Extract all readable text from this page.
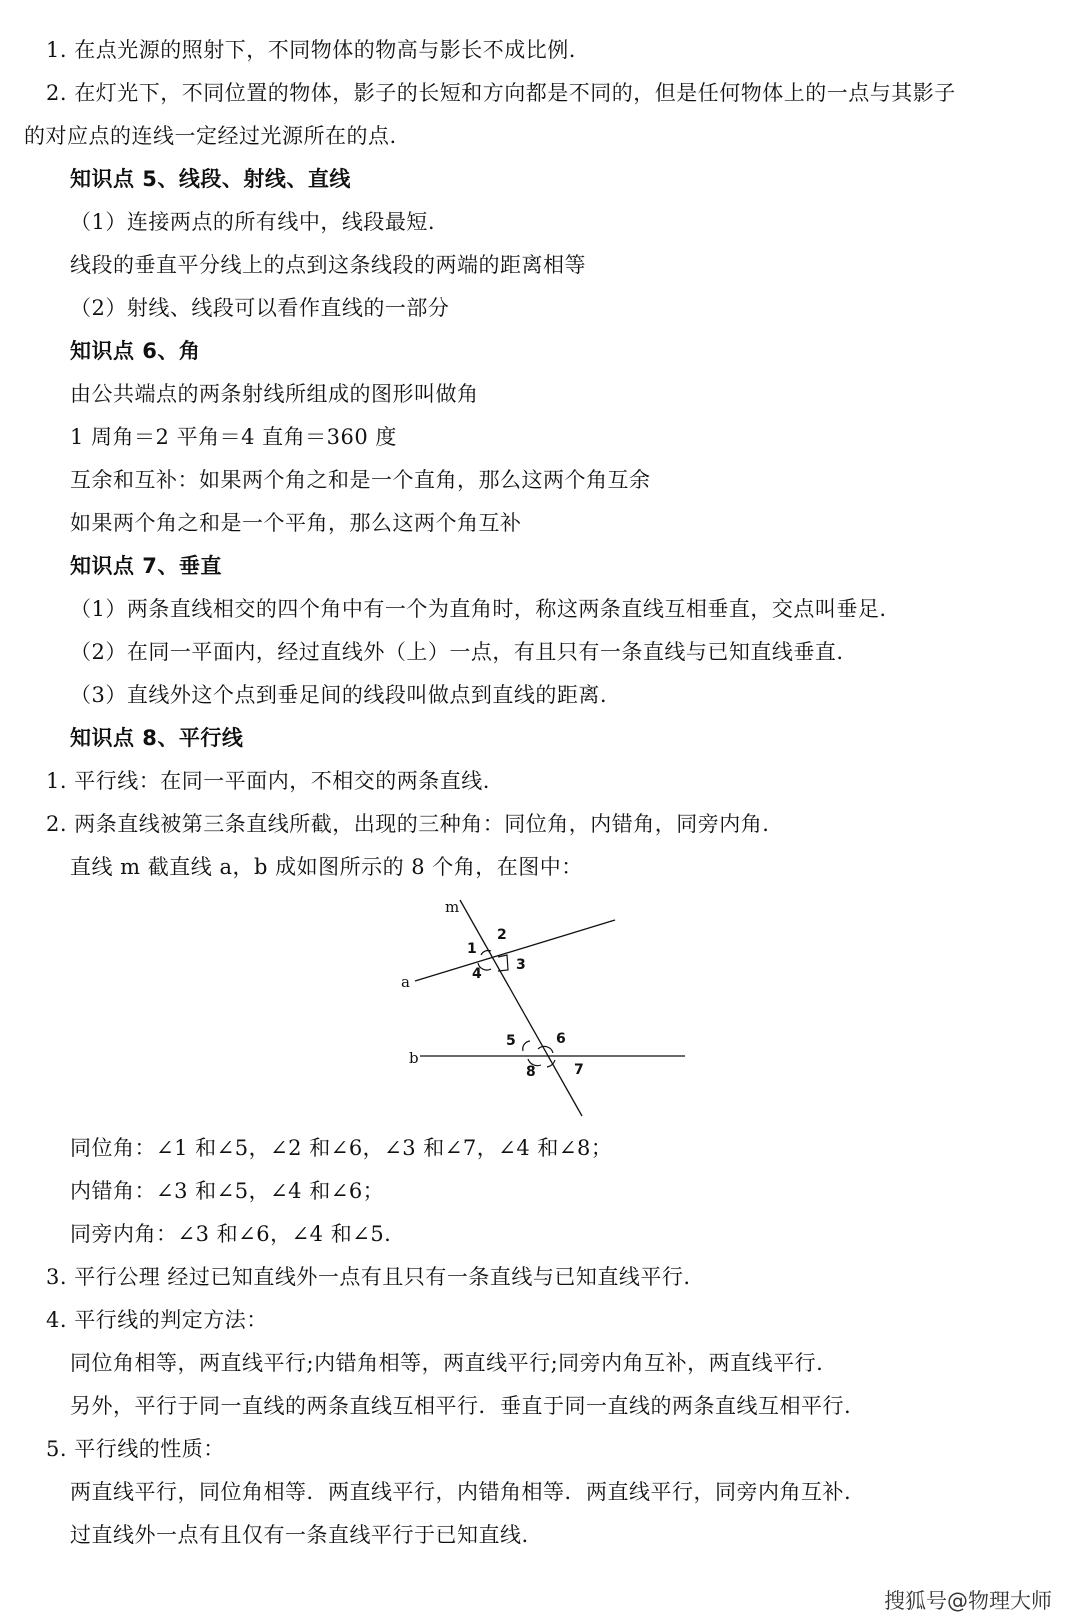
1. 在点光源的照射下，不同物体的物高与影长不成比例.
2. 在灯光下，不同位置的物体，影子的长短和方向都是不同的，但是任何物体上的一点与其影子
的对应点的连线一定经过光源所在的点.
知识点 5、线段、射线、直线
（1）连接两点的所有线中，线段最短.
线段的垂直平分线上的点到这条线段的两端的距离相等
（2）射线、线段可以看作直线的一部分
知识点 6、角
由公共端点的两条射线所组成的图形叫做角
1 周角＝2 平角＝4 直角＝360 度
互余和互补：如果两个角之和是一个直角，那么这两个角互余
如果两个角之和是一个平角，那么这两个角互补
知识点 7、垂直
（1）两条直线相交的四个角中有一个为直角时，称这两条直线互相垂直，交点叫垂足.
（2）在同一平面内，经过直线外（上）一点，有且只有一条直线与已知直线垂直.
（3）直线外这个点到垂足间的线段叫做点到直线的距离.
知识点 8、平行线
1. 平行线：在同一平面内，不相交的两条直线.
2. 两条直线被第三条直线所截，出现的三种角：同位角，内错角，同旁内角.
直线 m 截直线 a，b 成如图所示的 8 个角，在图中：
m
a
b
1
2
3
4
5	6
8	7
同位角：∠1 和∠5，∠2 和∠6，∠3 和∠7，∠4 和∠8；
内错角：∠3 和∠5，∠4 和∠6；
同旁内角：∠3 和∠6，∠4 和∠5.
3. 平行公理 经过已知直线外一点有且只有一条直线与已知直线平行.
4. 平行线的判定方法：
同位角相等，两直线平行;内错角相等，两直线平行;同旁内角互补，两直线平行.
另外，平行于同一直线的两条直线互相平行．垂直于同一直线的两条直线互相平行.
5. 平行线的性质：
两直线平行，同位角相等．两直线平行，内错角相等．两直线平行，同旁内角互补.
过直线外一点有且仅有一条直线平行于已知直线.
搜狐号@物理大师
